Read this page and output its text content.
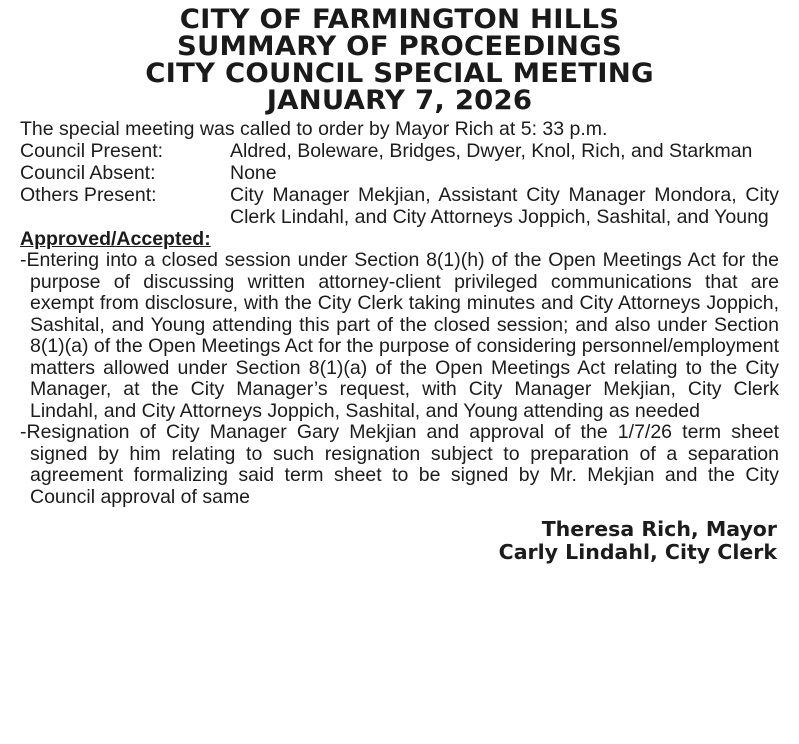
CITY OF FARMINGTON HILLS
SUMMARY OF PROCEEDINGS
CITY COUNCIL SPECIAL MEETING
JANUARY 7, 2026

The special meeting was called to order by Mayor Rich at 5: 33 p.m.

Council Present:	Aldred, Boleware, Bridges, Dwyer, Knol, Rich, and Starkman
Council Absent:	None
Others Present:	City Manager Mekjian, Assistant City Manager Mondora, City Clerk Lindahl, and City Attorneys Joppich, Sashital, and Young

Approved/Accepted:

-Entering into a closed session under Section 8(1)(h) of the Open Meetings Act for the purpose of discussing written attorney-client privileged communications that are exempt from disclosure, with the City Clerk taking minutes and City Attorneys Joppich, Sashital, and Young attending this part of the closed session; and also under Section 8(1)(a) of the Open Meetings Act for the purpose of considering personnel/employment matters allowed under Section 8(1)(a) of the Open Meetings Act relating to the City Manager, at the City Manager’s request, with City Manager Mekjian, City Clerk Lindahl, and City Attorneys Joppich, Sashital, and Young attending as needed

-Resignation of City Manager Gary Mekjian and approval of the 1/7/26 term sheet signed by him relating to such resignation subject to preparation of a separation agreement formalizing said term sheet to be signed by Mr. Mekjian and the City Council approval of same

Theresa Rich, Mayor
Carly Lindahl, City Clerk
